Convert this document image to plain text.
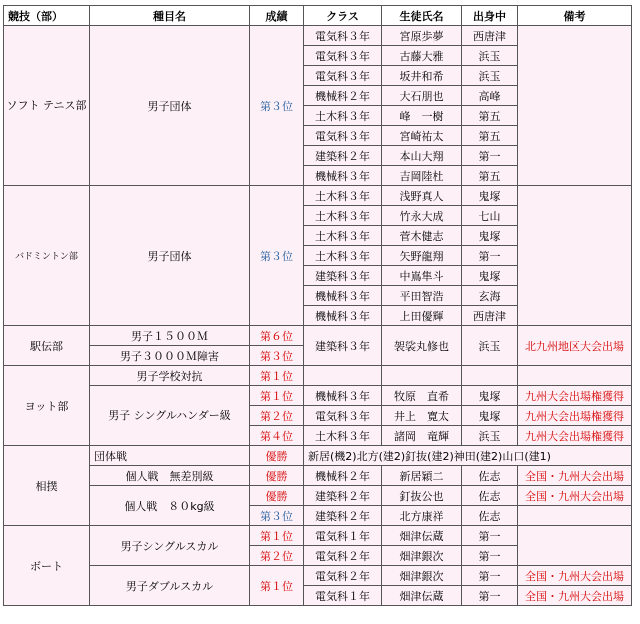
競技（部）	種目名	成績	クラス	生徒氏名	出身中	備考
ソフト テニス部	男子団体	第３位	電気科３年	宮原歩夢	西唐津	
			電気科３年	古藤大雅	浜玉	
			電気科３年	坂井和希	浜玉	
			機械科２年	大石朋也	高峰	
			土木科３年	峰　一樹	第五	
			電気科３年	宮崎祐太	第五	
			建築科２年	本山大翔	第一	
			機械科３年	吉岡陸杜	第五	
バドミントン部	男子団体	第３位	土木科３年	浅野真人	鬼塚	
			土木科３年	竹永大成	七山	
			土木科３年	菅木健志	鬼塚	
			土木科３年	矢野龍翔	第一	
			建築科３年	中嶌隼斗	鬼塚	
			機械科３年	平田智浩	玄海	
			機械科３年	上田優輝	西唐津	
駅伝部	男子１５００Ｍ	第６位	建築科３年	袈裟丸修也	浜玉	北九州地区大会出場
	男子３０００Ｍ障害	第３位				
ヨット部	男子学校対抗	第１位				
	男子 シングルハンダー級	第１位	機械科３年	牧原　直希	鬼塚	九州大会出場権獲得
		第２位	電気科３年	井上　寛太	鬼塚	九州大会出場権獲得
		第４位	土木科３年	諸岡　竜輝	浜玉	九州大会出場権獲得
相撲	団体戦	優勝	新居(機2)北方(建2)釘抜(建2)神田(建2)山口(建1)			
	個人戦　無差別級	優勝	機械科２年	新居穎二	佐志	全国・九州大会出場
	個人戦　８０kg級	優勝	建築科２年	釘抜公也	佐志	全国・九州大会出場
		第３位	建築科２年	北方康祥	佐志	
ボート	男子シングルスカル	第１位	電気科１年	畑津伝蔵	第一	
		第２位	電気科２年	畑津銀次	第一	
	男子ダブルスカル	第１位	電気科２年	畑津銀次	第一	全国・九州大会出場
			電気科１年	畑津伝蔵	第一	全国・九州大会出場
